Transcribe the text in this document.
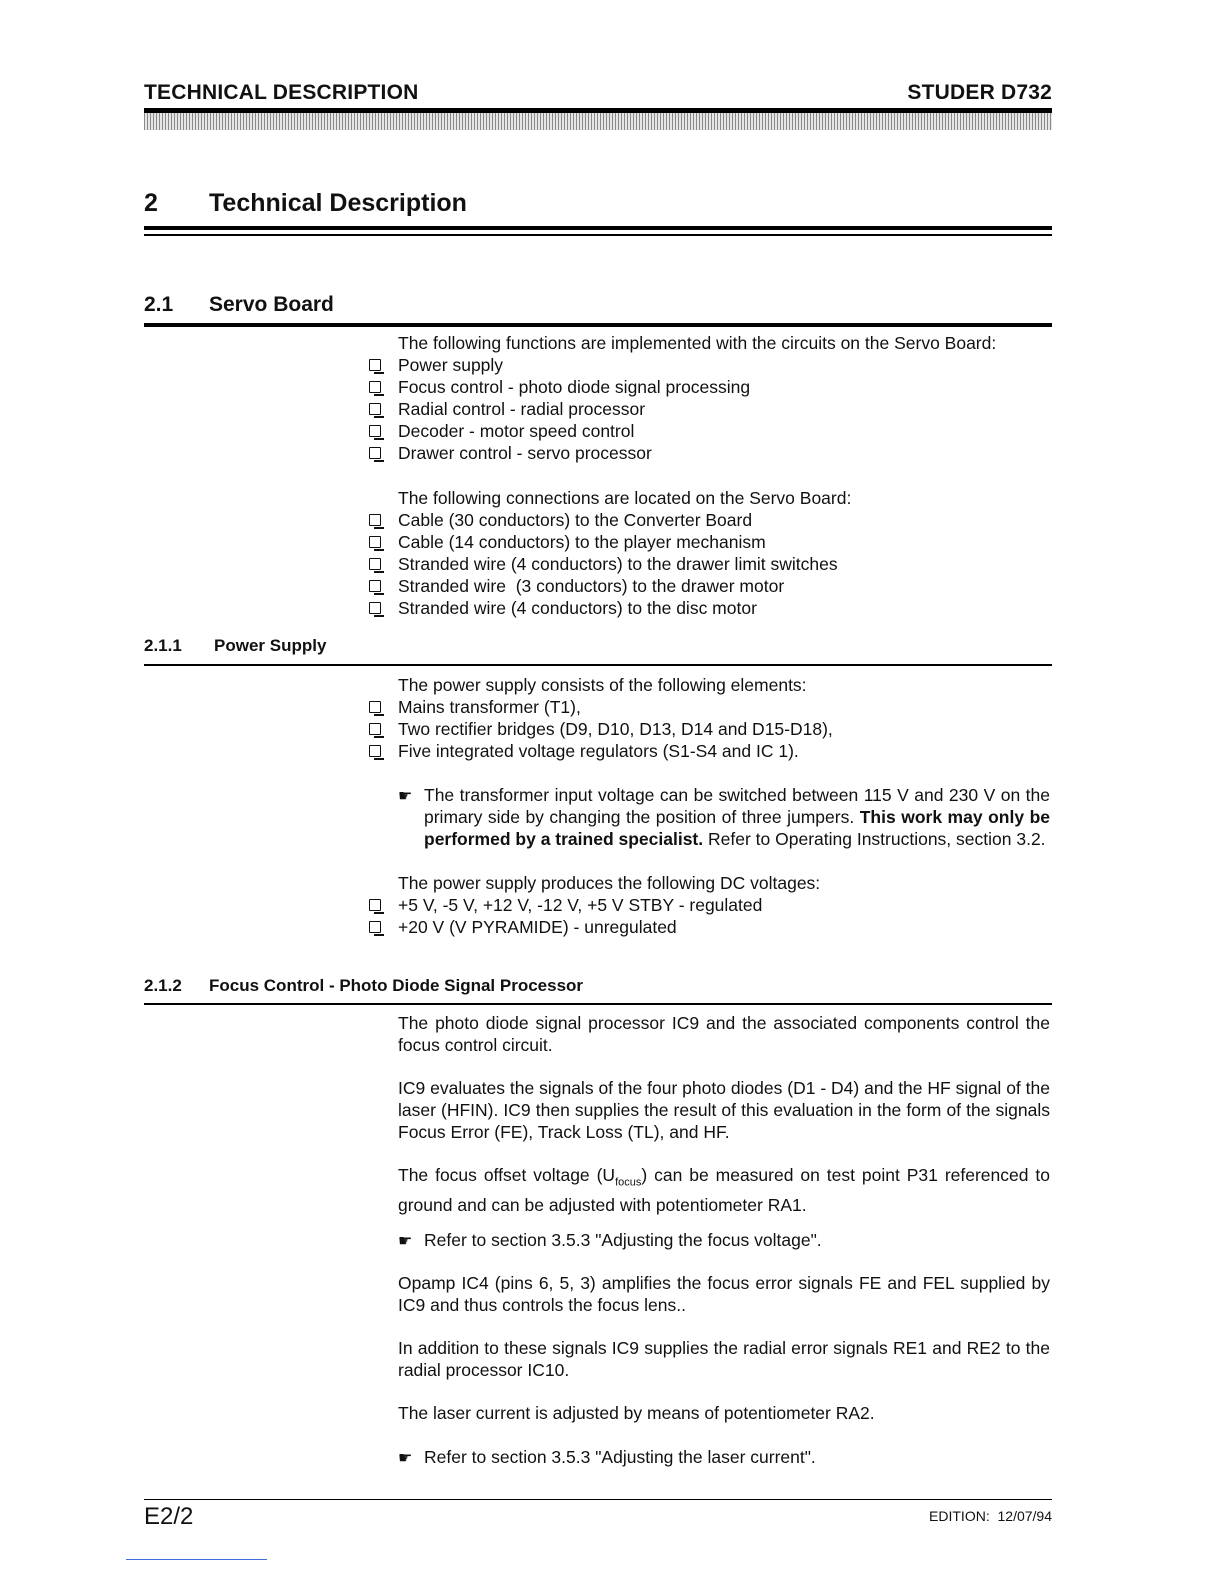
TECHNICAL DESCRIPTION	STUDER D732
2 Technical Description
2.1 Servo Board
The following functions are implemented with the circuits on the Servo Board:
Power supply
Focus control - photo diode signal processing
Radial control - radial processor
Decoder - motor speed control
Drawer control - servo processor
The following connections are located on the Servo Board:
Cable (30 conductors) to the Converter Board
Cable (14 conductors) to the player mechanism
Stranded wire (4 conductors) to the drawer limit switches
Stranded wire  (3 conductors) to the drawer motor
Stranded wire (4 conductors) to the disc motor
2.1.1 Power Supply
The power supply consists of the following elements:
Mains transformer (T1),
Two rectifier bridges (D9, D10, D13, D14 and D15-D18),
Five integrated voltage regulators (S1-S4 and IC 1).
☛ The transformer input voltage can be switched between 115 V and 230 V on the primary side by changing the position of three jumpers. This work may only be performed by a trained specialist. Refer to Operating Instructions, section 3.2.
The power supply produces the following DC voltages:
+5 V, -5 V, +12 V, -12 V, +5 V STBY - regulated
+20 V (V PYRAMIDE) - unregulated
2.1.2 Focus Control - Photo Diode Signal Processor
The photo diode signal processor IC9 and the associated components control the focus control circuit.
IC9 evaluates the signals of the four photo diodes (D1 - D4) and the HF signal of the laser (HFIN). IC9 then supplies the result of this evaluation in the form of the signals Focus Error (FE), Track Loss (TL), and HF.
The focus offset voltage $(U_{focus})$ can be measured on test point P31 referenced to ground and can be adjusted with potentiometer RA1.
☛ Refer to section 3.5.3 "Adjusting the focus voltage".
Opamp IC4 (pins 6, 5, 3) amplifies the focus error signals FE and FEL supplied by IC9 and thus controls the focus lens..
In addition to these signals IC9 supplies the radial error signals RE1 and RE2 to the radial processor IC10.
The laser current is adjusted by means of potentiometer RA2.
☛ Refer to section 3.5.3 "Adjusting the laser current".
E2/2	EDITION:  12/07/94
